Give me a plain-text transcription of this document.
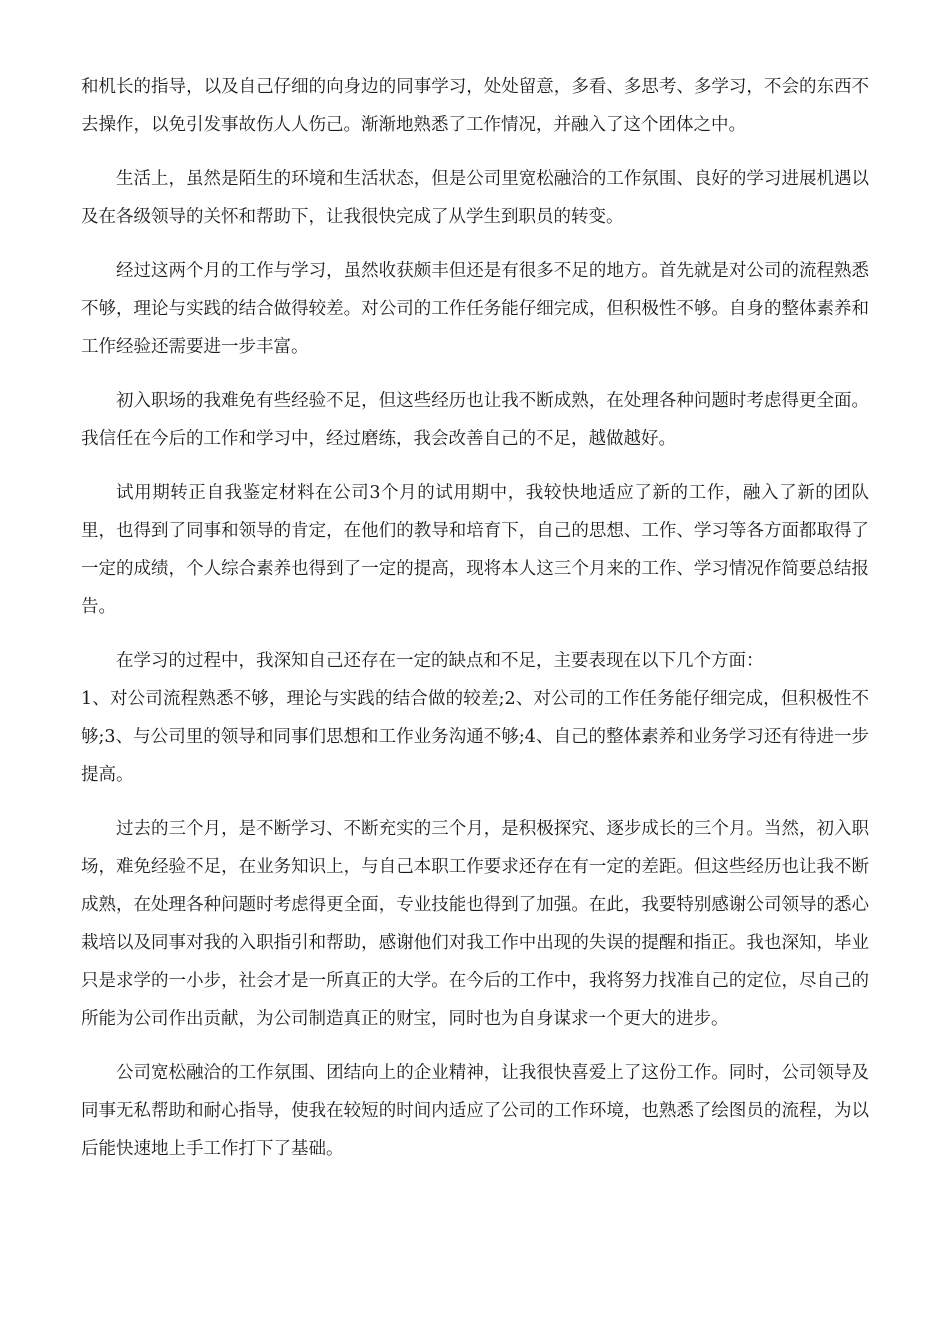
和机长的指导，以及自己仔细的向身边的同事学习，处处留意，多看、多思考、多学习，不会的东西不去操作，以免引发事故伤人人伤己。渐渐地熟悉了工作情况，并融入了这个团体之中。

生活上，虽然是陌生的环境和生活状态，但是公司里宽松融洽的工作氛围、良好的学习进展机遇以及在各级领导的关怀和帮助下，让我很快完成了从学生到职员的转变。

经过这两个月的工作与学习，虽然收获颇丰但还是有很多不足的地方。首先就是对公司的流程熟悉不够，理论与实践的结合做得较差。对公司的工作任务能仔细完成，但积极性不够。自身的整体素养和工作经验还需要进一步丰富。

初入职场的我难免有些经验不足，但这些经历也让我不断成熟，在处理各种问题时考虑得更全面。我信任在今后的工作和学习中，经过磨练，我会改善自己的不足，越做越好。

试用期转正自我鉴定材料在公司3个月的试用期中，我较快地适应了新的工作，融入了新的团队里，也得到了同事和领导的肯定，在他们的教导和培育下，自己的思想、工作、学习等各方面都取得了一定的成绩，个人综合素养也得到了一定的提高，现将本人这三个月来的工作、学习情况作简要总结报告。

在学习的过程中，我深知自己还存在一定的缺点和不足，主要表现在以下几个方面：

1、对公司流程熟悉不够，理论与实践的结合做的较差;2、对公司的工作任务能仔细完成，但积极性不够;3、与公司里的领导和同事们思想和工作业务沟通不够;4、自己的整体素养和业务学习还有待进一步提高。

过去的三个月，是不断学习、不断充实的三个月，是积极探究、逐步成长的三个月。当然，初入职场，难免经验不足，在业务知识上，与自己本职工作要求还存在有一定的差距。但这些经历也让我不断成熟，在处理各种问题时考虑得更全面，专业技能也得到了加强。在此，我要特别感谢公司领导的悉心栽培以及同事对我的入职指引和帮助，感谢他们对我工作中出现的失误的提醒和指正。我也深知，毕业只是求学的一小步，社会才是一所真正的大学。在今后的工作中，我将努力找准自己的定位，尽自己的所能为公司作出贡献，为公司制造真正的财宝，同时也为自身谋求一个更大的进步。

公司宽松融洽的工作氛围、团结向上的企业精神，让我很快喜爱上了这份工作。同时，公司领导及同事无私帮助和耐心指导，使我在较短的时间内适应了公司的工作环境，也熟悉了绘图员的流程，为以后能快速地上手工作打下了基础。
